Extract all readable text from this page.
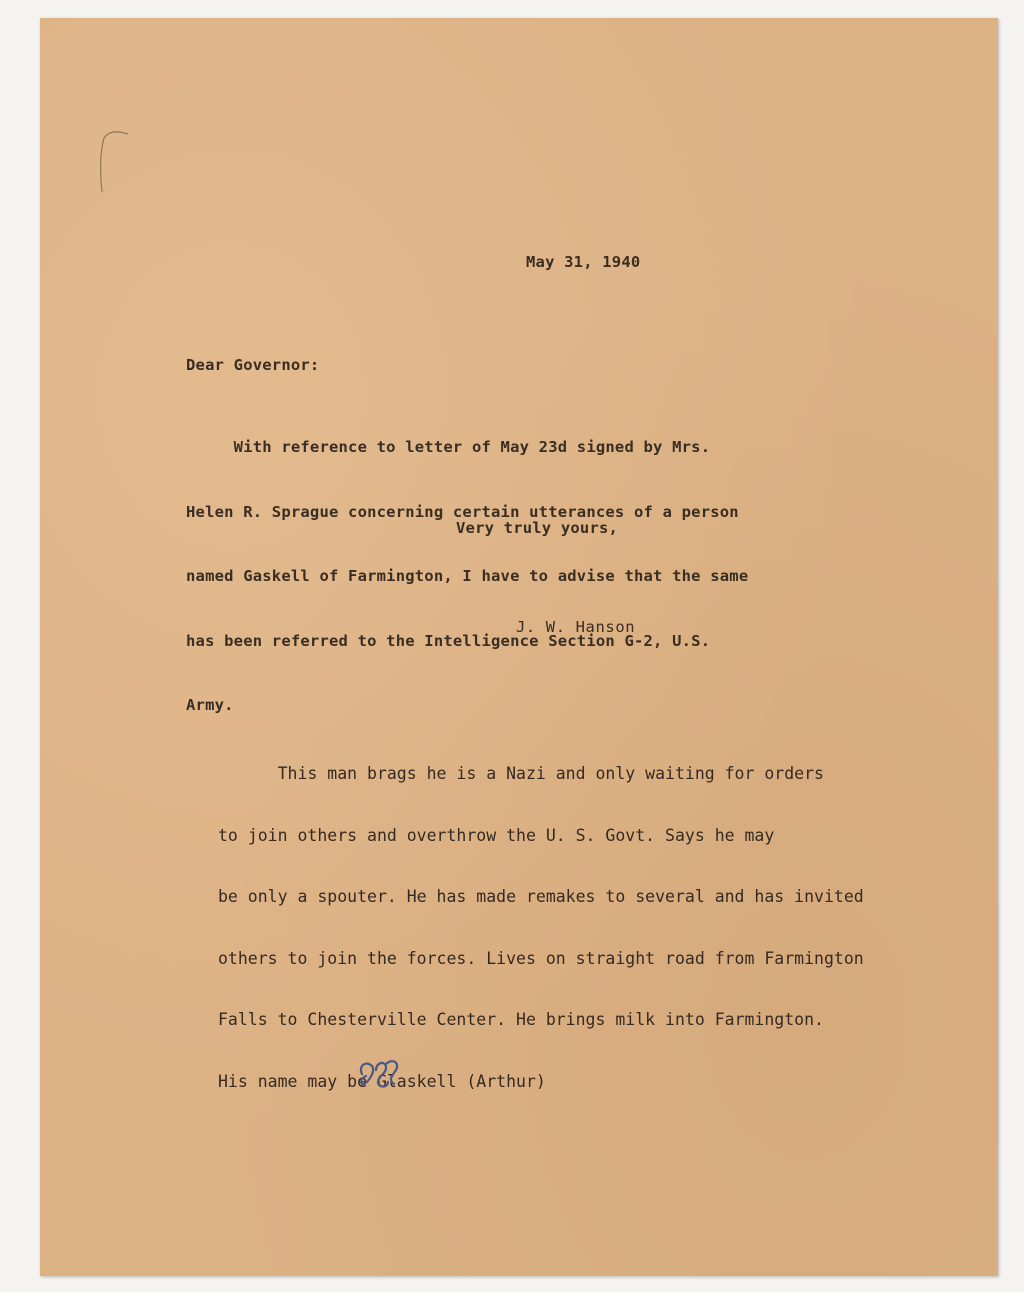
May 31, 1940
Dear Governor:

With reference to letter of May 23d signed by Mrs.

Helen R. Sprague concerning certain utterances of a person

named Gaskell of Farmington, I have to advise that the same

has been referred to the Intelligence Section G-2, U.S.

Army.

Very truly yours,
J. W. Hanson

This man brags he is a Nazi and only waiting for orders

to join others and overthrow the U. S. Govt. Says he may

be only a spouter. He has made remakes to several and has invited

others to join the forces. Lives on straight road from Farmington

Falls to Chesterville Center. He brings milk into Farmington.

His name may be Glaskell (Arthur)
